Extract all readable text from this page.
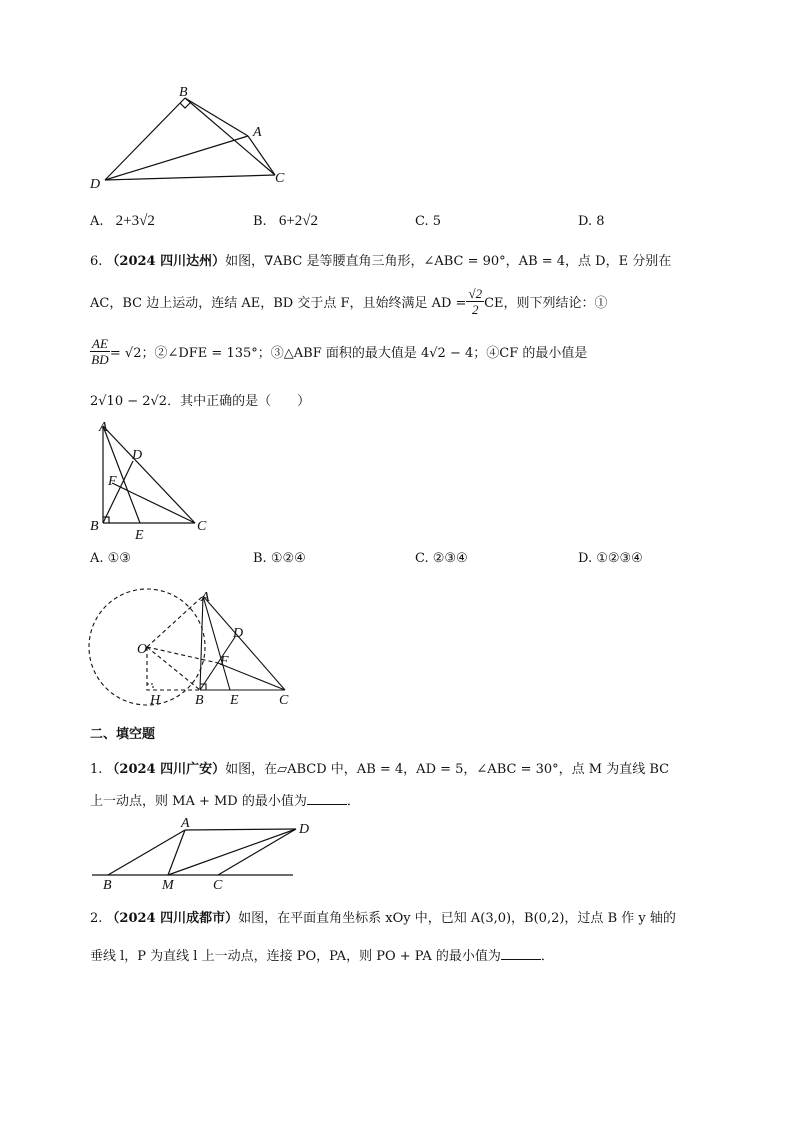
B
A
D	C
A. 2+3√2	B. 6+2√2	C. 5	D. 8
6. （2024 四川达州）如图，∇ABC 是等腰直角三角形，∠ABC = 90°，AB = 4，点 D，E 分别在
AC，BC 边上运动，连结 AE，BD 交于点 F，且始终满足 AD = $\frac{√2}{2}$ CE，则下列结论：①
$\frac{AE}{BD} = √2$；②∠DFE = 135°；③△ABF 面积的最大值是 4√2 − 4；④CF 的最小值是
2√10 − 2√2．其中正确的是（　　）
A
D
F
B
E
C
A. ①③	B. ①②④	C. ②③④	D. ①②③④
A
D
O
F
H B E	C
二、填空题
1. （2024 四川广安）如图，在▱ABCD 中，AB = 4，AD = 5，∠ABC = 30°，点 M 为直线 BC
上一动点，则 MA + MD 的最小值为	．
A	D
B	M	C
2. （2024 四川成都市）如图，在平面直角坐标系 xOy 中，已知 A(3,0)，B(0,2)，过点 B 作 y 轴的
垂线 l，P 为直线 l 上一动点，连接 PO，PA，则 PO + PA 的最小值为	．
